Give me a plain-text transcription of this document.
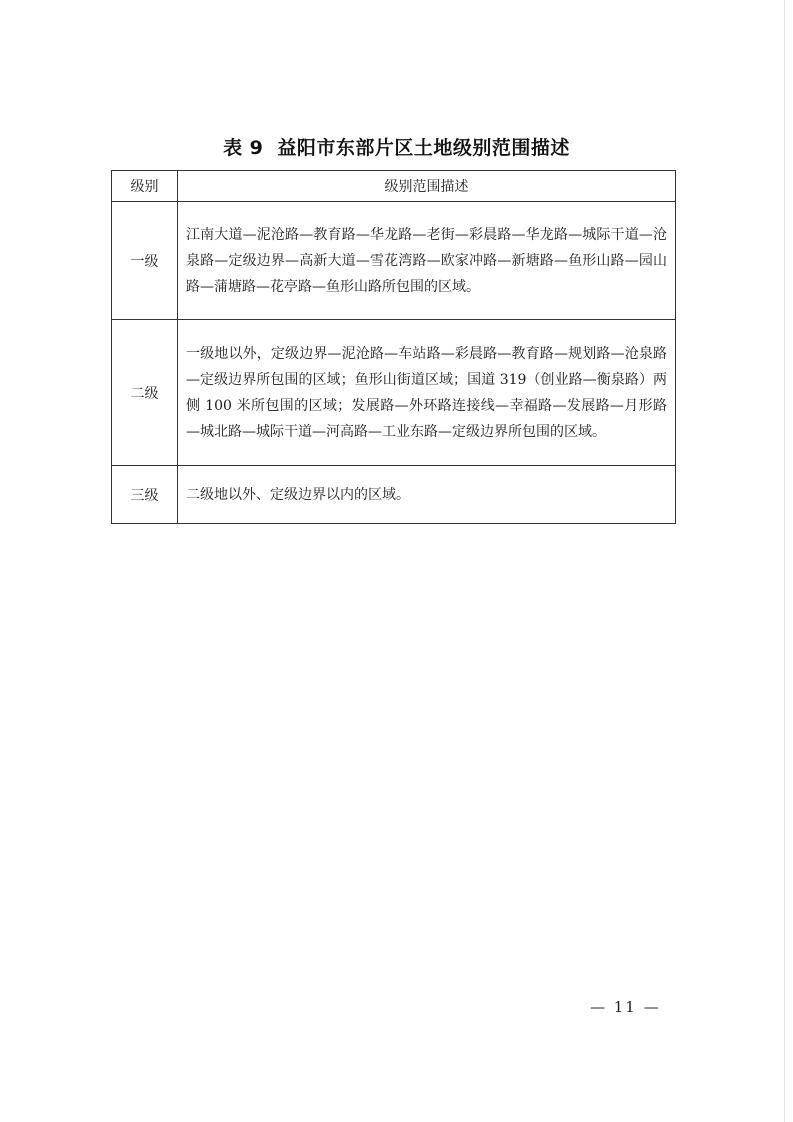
表 9 益阳市东部片区土地级别范围描述
级别	级别范围描述
一级	江南大道—泥沧路—教育路—华龙路—老街—彩晨路—华龙路—城际干道—沧泉路—定级边界—高新大道—雪花湾路—欧家冲路—新塘路—鱼形山路—园山路—蒲塘路—花亭路—鱼形山路所包围的区域。
二级	一级地以外，定级边界—泥沧路—车站路—彩晨路—教育路—规划路—沧泉路—定级边界所包围的区域；鱼形山街道区域；国道 319（创业路—衡泉路）两侧 100 米所包围的区域；发展路—外环路连接线—幸福路—发展路—月形路—城北路—城际干道—河高路—工业东路—定级边界所包围的区域。
三级	二级地以外、定级边界以内的区域。
— 11 —
